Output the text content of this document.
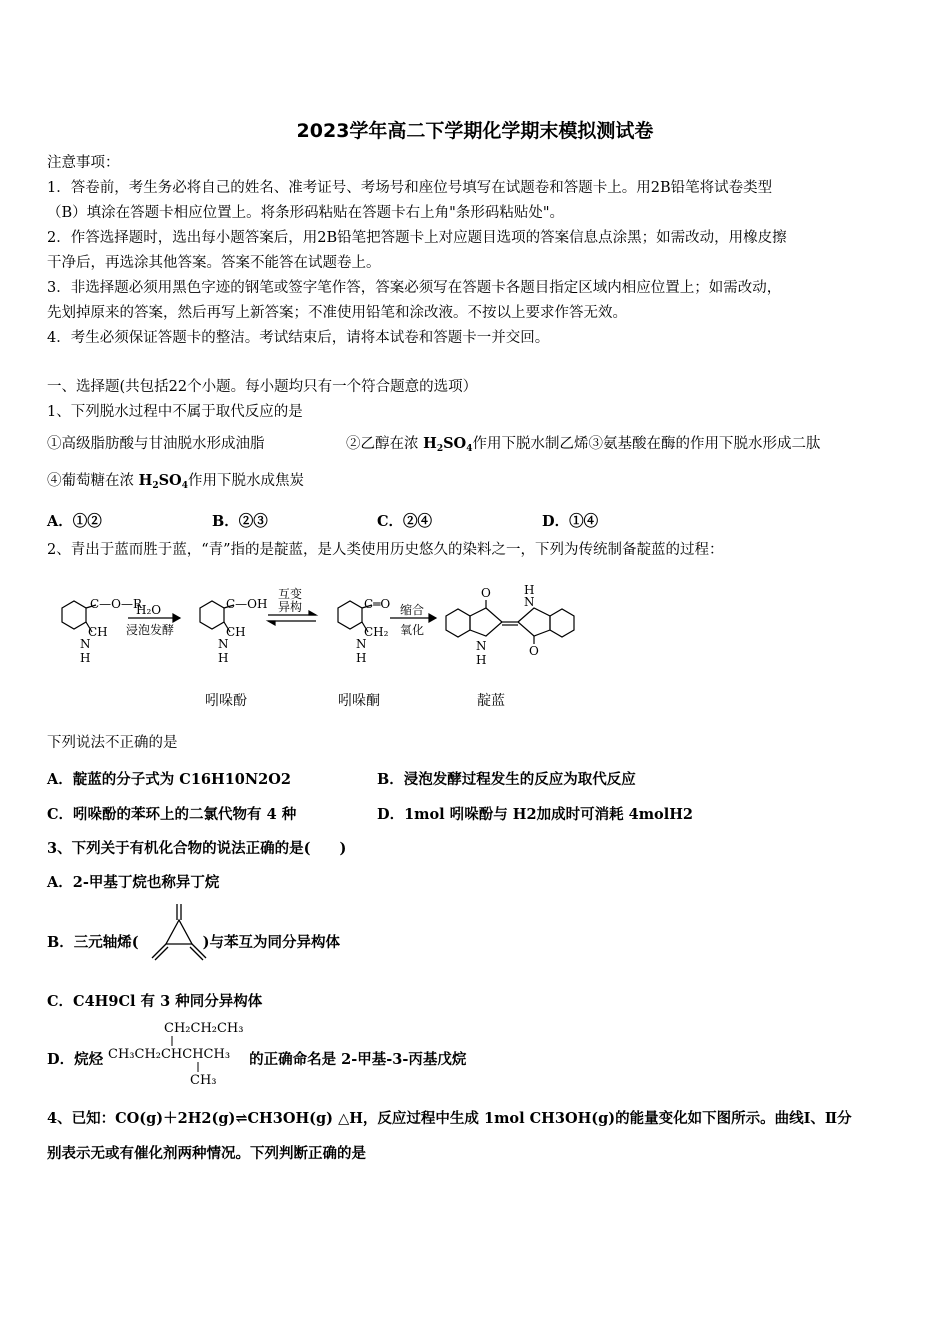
2023学年高二下学期化学期末模拟测试卷
注意事项：
1．答卷前，考生务必将自己的姓名、准考证号、考场号和座位号填写在试题卷和答题卡上。用2B铅笔将试卷类型
（B）填涂在答题卡相应位置上。将条形码粘贴在答题卡右上角"条形码粘贴处"。
2．作答选择题时，选出每小题答案后，用2B铅笔把答题卡上对应题目选项的答案信息点涂黑；如需改动，用橡皮擦
干净后，再选涂其他答案。答案不能答在试题卷上。
3．非选择题必须用黑色字迹的钢笔或签字笔作答，答案必须写在答题卡各题目指定区域内相应位置上；如需改动，
先划掉原来的答案，然后再写上新答案；不准使用铅笔和涂改液。不按以上要求作答无效。
4．考生必须保证答题卡的整洁。考试结束后，请将本试卷和答题卡一并交回。
一、选择题(共包括22个小题。每小题均只有一个符合题意的选项）
1、下列脱水过程中不属于取代反应的是
①高级脂肪酸与甘油脱水形成油脂	②乙醇在浓 $H_2SO_4$作用下脱水制乙烯③氨基酸在酶的作用下脱水形成二肽
④葡萄糖在浓 $H_2SO_4$作用下脱水成焦炭
A．①②	B．②③	C．②④	D．①④
2、青出于蓝而胜于蓝，“青”指的是靛蓝，是人类使用历史悠久的染料之一，下列为传统制备靛蓝的过程：
C—O—R
CH
N
H
C—OH
CH
N
H
C═O
CH₂
N
H
O
N
H
H
N
O
H₂O
浸泡发酵
互变
异构	缩合
氧化
吲哚酚	吲哚酮	靛蓝
下列说法不正确的是
A．靛蓝的分子式为 C16H10N2O2	B．浸泡发酵过程发生的反应为取代反应
C．吲哚酚的苯环上的二氯代物有 4 种	D．1mol 吲哚酚与 H2加成时可消耗 4molH2
3、下列关于有机化合物的说法正确的是(　　)
A．2-甲基丁烷也称异丁烷
B．三元轴烯(	)与苯互为同分异构体
C．C4H9Cl 有 3 种同分异构体
D．烷烃	的正确命名是 2-甲基-3-丙基戊烷
CH₂CH₂CH₃
CH₃CH₂CHCHCH₃
CH₃
4、已知：CO(g)＋2H2(g)⇌CH3OH(g) △H，反应过程中生成 1mol CH3OH(g)的能量变化如下图所示。曲线Ⅰ、Ⅱ分
别表示无或有催化剂两种情况。下列判断正确的是
